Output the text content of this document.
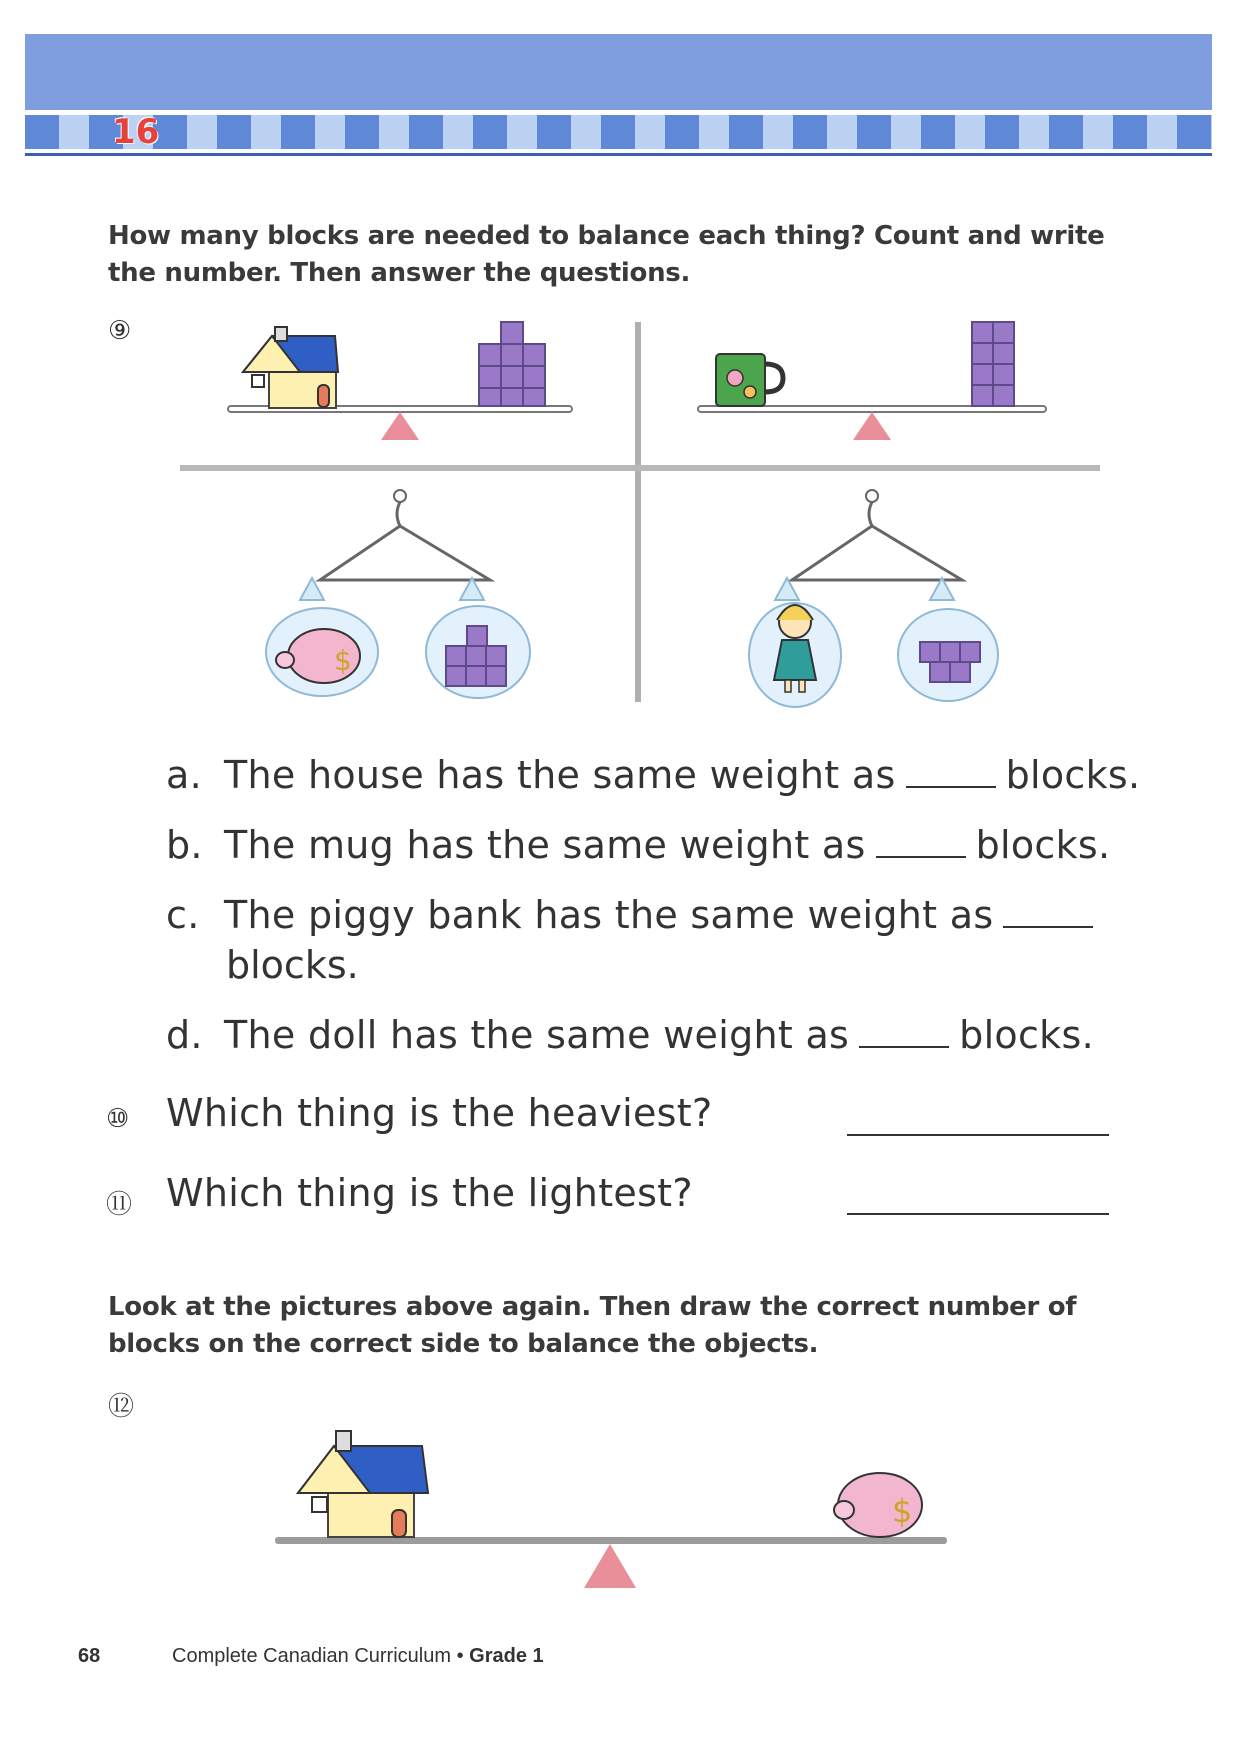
16
How many blocks are needed to balance each thing? Count and write
the number. Then answer the questions.
⑨
$
$
a. The house has the same weight as	blocks.
b. The mug has the same weight as	blocks.
c. The piggy bank has the same weight as
blocks.
d. The doll has the same weight as	blocks.
⑩ Which thing is the heaviest?
⑪ Which thing is the lightest?
Look at the pictures above again. Then draw the correct number of
blocks on the correct side to balance the objects.
⑫
68	Complete Canadian Curriculum • Grade 1
